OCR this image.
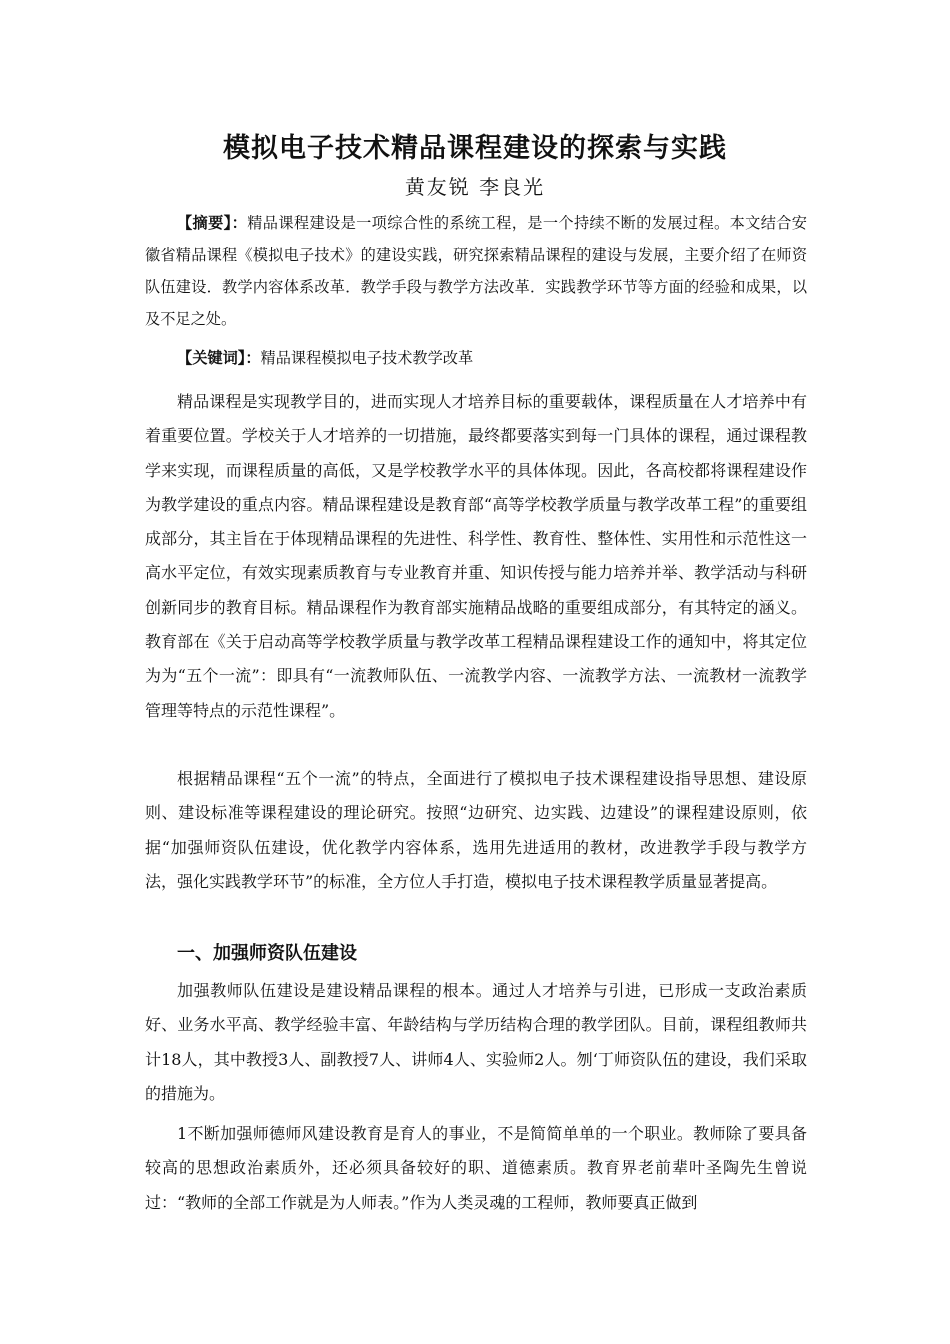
模拟电子技术精品课程建设的探索与实践
黄友锐 李良光

【摘要】：精品课程建设是一项综合性的系统工程，是一个持续不断的发展过程。本文结合安徽省精品课程《模拟电子技术》的建设实践，研究探索精品课程的建设与发展，主要介绍了在师资队伍建设．教学内容体系改革．教学手段与教学方法改革．实践教学环节等方面的经验和成果，以及不足之处。

【关键词】：精品课程模拟电子技术教学改革

精品课程是实现教学目的，进而实现人才培养目标的重要载体，课程质量在人才培养中有着重要位置。学校关于人才培养的一切措施，最终都要落实到每一门具体的课程，通过课程教学来实现，而课程质量的高低，又是学校教学水平的具体体现。因此，各高校都将课程建设作为教学建设的重点内容。精品课程建设是教育部“高等学校教学质量与教学改革工程”的重要组成部分，其主旨在于体现精品课程的先进性、科学性、教育性、整体性、实用性和示范性这一高水平定位，有效实现素质教育与专业教育并重、知识传授与能力培养并举、教学活动与科研创新同步的教育目标。精品课程作为教育部实施精品战略的重要组成部分，有其特定的涵义。教育部在《关于启动高等学校教学质量与教学改革工程精品课程建设工作的通知中，将其定位为为“五个一流”：即具有“一流教师队伍、一流教学内容、一流教学方法、一流教材一流教学管理等特点的示范性课程”。

根据精品课程“五个一流”的特点，全面进行了模拟电子技术课程建设指导思想、建设原则、建设标准等课程建设的理论研究。按照“边研究、边实践、边建设”的课程建设原则，依据“加强师资队伍建设，优化教学内容体系，选用先进适用的教材，改进教学手段与教学方法，强化实践教学环节”的标准，全方位人手打造，模拟电子技术课程教学质量显著提高。

一、加强师资队伍建设

加强教师队伍建设是建设精品课程的根本。通过人才培养与引进，已形成一支政治素质好、业务水平高、教学经验丰富、年龄结构与学历结构合理的教学团队。目前，课程组教师共计18人，其中教授3人、副教授7人、讲师4人、实验师2人。刎‘丁师资队伍的建设，我们采取的措施为。

1不断加强师德师风建设教育是育人的事业，不是简简单单的一个职业。教师除了要具备较高的思想政治素质外，还必须具备较好的职、道德素质。教育界老前辈叶圣陶先生曾说过：“教师的全部工作就是为人师表。”作为人类灵魂的工程师，教师要真正做到
